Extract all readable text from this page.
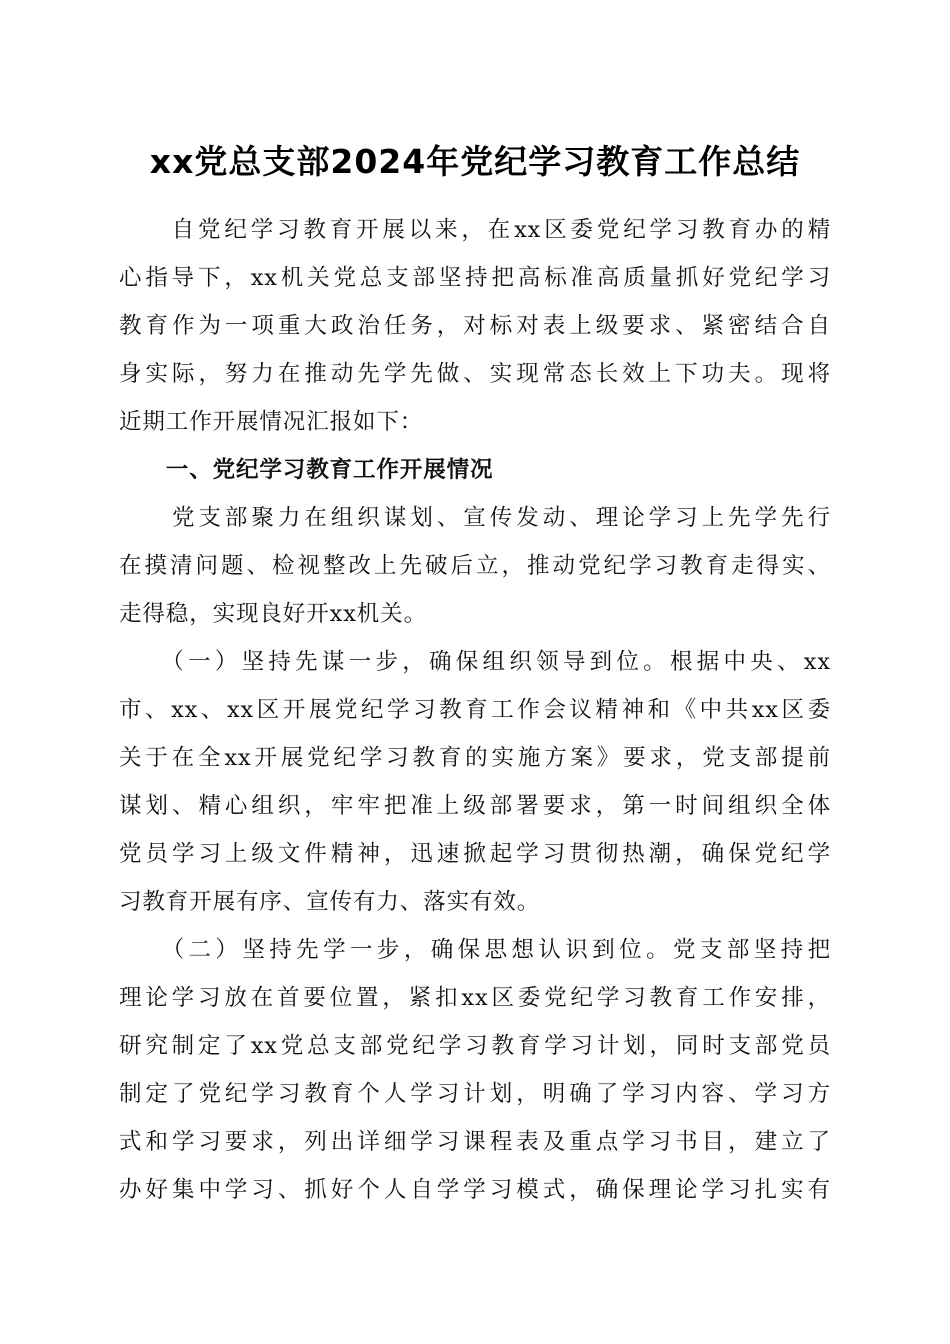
xx党总支部2024年党纪学习教育工作总结
　　自党纪学习教育开展以来，在xx区委党纪学习教育办的精
心指导下，xx机关党总支部坚持把高标准高质量抓好党纪学习
教育作为一项重大政治任务，对标对表上级要求、紧密结合自
身实际，努力在推动先学先做、实现常态长效上下功夫。现将
近期工作开展情况汇报如下：
　　一、党纪学习教育工作开展情况
　　党支部聚力在组织谋划、宣传发动、理论学习上先学先行
在摸清问题、检视整改上先破后立，推动党纪学习教育走得实、
走得稳，实现良好开xx机关。
　　（一）坚持先谋一步，确保组织领导到位。根据中央、xx
市、xx、xx区开展党纪学习教育工作会议精神和《中共xx区委
关于在全xx开展党纪学习教育的实施方案》要求，党支部提前
谋划、精心组织，牢牢把准上级部署要求，第一时间组织全体
党员学习上级文件精神，迅速掀起学习贯彻热潮，确保党纪学
习教育开展有序、宣传有力、落实有效。
　　（二）坚持先学一步，确保思想认识到位。党支部坚持把
理论学习放在首要位置，紧扣xx区委党纪学习教育工作安排，
研究制定了xx党总支部党纪学习教育学习计划，同时支部党员
制定了党纪学习教育个人学习计划，明确了学习内容、学习方
式和学习要求，列出详细学习课程表及重点学习书目，建立了
办好集中学习、抓好个人自学学习模式，确保理论学习扎实有
